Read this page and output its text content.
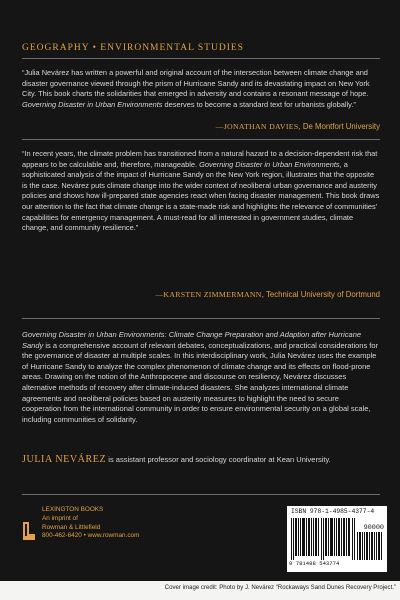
GEOGRAPHY • ENVIRONMENTAL STUDIES
“Julia Nevárez has written a powerful and original account of the intersection between climate change and disaster governance viewed through the prism of Hurricane Sandy and its devastating impact on New York City. This book charts the solidarities that emerged in adversity and contains a resonant message of hope. Governing Disaster in Urban Environments deserves to become a standard text for urbanists globally.”
—JONATHAN DAVIES, De Montfort University
“In recent years, the climate problem has transitioned from a natural hazard to a decision-dependent risk that appears to be calculable and, therefore, manageable. Governing Disaster in Urban Environments, a sophisticated analysis of the impact of Hurricane Sandy on the New York region, illustrates that the opposite is the case. Nevárez puts climate change into the wider context of neoliberal urban governance and austerity policies and shows how ill-prepared state agencies react when facing disaster management. This book draws our attention to the fact that climate change is a state-made risk and highlights the relevance of communities’ capabilities for emergency management. A must-read for all interested in government studies, climate change, and community resilience.”
—KARSTEN ZIMMERMANN, Technical University of Dortmund
Governing Disaster in Urban Environments: Climate Change Preparation and Adaption after Hurricane Sandy is a comprehensive account of relevant debates, conceptualizations, and practical considerations for the governance of disaster at multiple scales. In this interdisciplinary work, Julia Nevárez uses the example of Hurricane Sandy to analyze the complex phenomenon of climate change and its effects on flood-prone areas. Drawing on the notion of the Anthropocene and discourse on resiliency, Nevárez discusses alternative methods of recovery after climate-induced disasters. She analyzes international climate agreements and neoliberal policies based on austerity measures to highlight the need to secure cooperation from the international community in order to ensure environmental security on a global scale, including communities of solidarity.
JULIA NEVÁREZ is assistant professor and sociology coordinator at Kean University.
LEXINGTON BOOKS
An imprint of
Rowman & Littlefield
800-462-6420 • www.rowman.com
ISBN 978-1-4985-4377-4
90000
9 781498 543774
Cover image credit: Photo by J. Nevárez “Rockaways Sand Dunes Recovery Project.”
